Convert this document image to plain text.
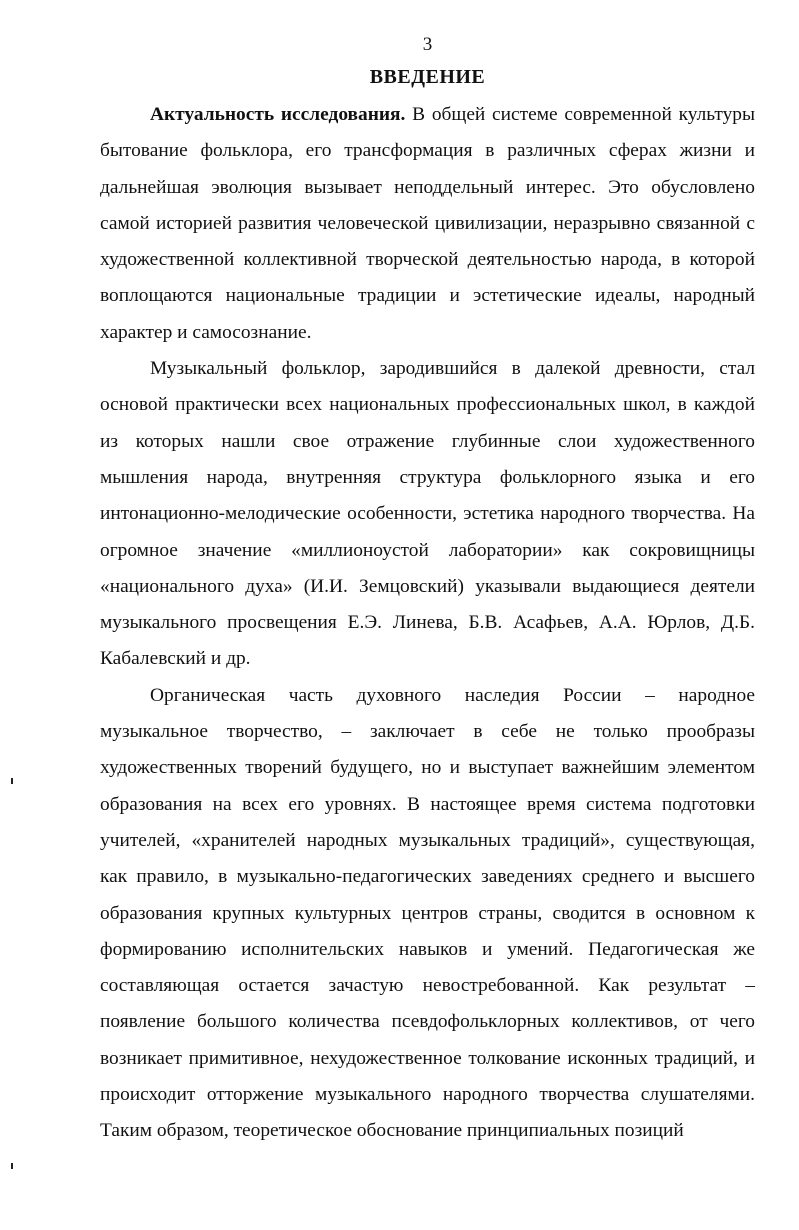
3
ВВЕДЕНИЕ

Актуальность исследования. В общей системе современной культуры бытование фольклора, его трансформация в различных сферах жизни и дальнейшая эволюция вызывает неподдельный интерес. Это обусловлено самой историей развития человеческой цивилизации, неразрывно связанной с художественной коллективной творческой деятельностью народа, в которой воплощаются национальные традиции и эстетические идеалы, народный характер и самосознание.

Музыкальный фольклор, зародившийся в далекой древности, стал основой практически всех национальных профессиональных школ, в каждой из которых нашли свое отражение глубинные слои художественного мышления народа, внутренняя структура фольклорного языка и его интонационно-мелодические особенности, эстетика народного творчества. На огромное значение «миллионоустой лаборатории» как сокровищницы «национального духа» (И.И. Земцовский) указывали выдающиеся деятели музыкального просвещения Е.Э. Линева, Б.В. Асафьев, А.А. Юрлов, Д.Б. Кабалевский и др.

Органическая часть духовного наследия России – народное музыкальное творчество, – заключает в себе не только прообразы художественных творений будущего, но и выступает важнейшим элементом образования на всех его уровнях. В настоящее время система подготовки учителей, «хранителей народных музыкальных традиций», существующая, как правило, в музыкально-педагогических заведениях среднего и высшего образования крупных культурных центров страны, сводится в основном к формированию исполнительских навыков и умений. Педагогическая же составляющая остается зачастую невостребованной. Как результат – появление большого количества псевдофольклорных коллективов, от чего возникает примитивное, нехудожественное толкование исконных традиций, и происходит отторжение музыкального народного творчества слушателями. Таким образом, теоретическое обоснование принципиальных позиций
